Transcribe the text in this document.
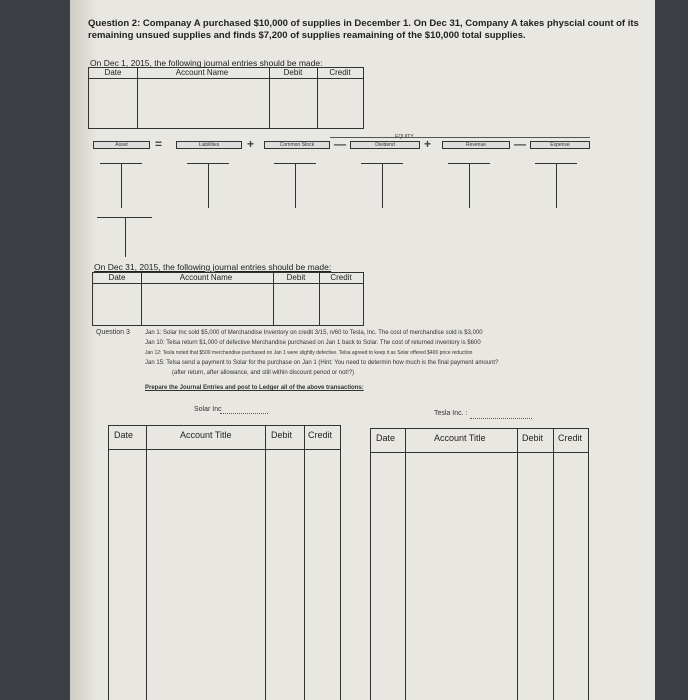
Question 2: Companay A purchased $10,000 of supplies in December 1. On Dec 31, Company A takes physcial count of its remaining unsued supplies and finds $7,200 of supplies reamaining of the $10,000 total supplies.
On Dec 1, 2015, the following journal entries should be made:
Date	Account Name	Debit	Credit
Asset	=	Liabilities	+	Common Stock	—	Dividend	+	Revenue	—	Expense
On Dec 31, 2015, the following journal entries should be made:
Date	Account Name	Debit	Credit
Question 3	Jan 1: Solar Inc sold $5,000 of Merchandise Inventory on credit 3/15, n/60 to Tesla, Inc. The cost of merchandise sold is $3,000
Jan 10: Telsa return $1,000 of defective Merchandise purchased on Jan 1 back to Solar. The cost of returned inventory is $600
Jan 12: Tesla noted that $500 merchandise purchased on Jan 1 were slightly defective. Telsa agreed to keep it as Solar offered $400 price reduction
Jan 15: Telsa send a payment to Solar for the purchase on Jan 1 (Hint: You need to determin how much is the final payment amount?
(after return, after allowance, and still within discount period or not!?)
Prepare the Journal Entries and post to Ledger all of the above transactions:
Solar Inc
Tesla Inc. :
Date	Account Title	Debit Credit	Date	Account Title	Debit Credit
